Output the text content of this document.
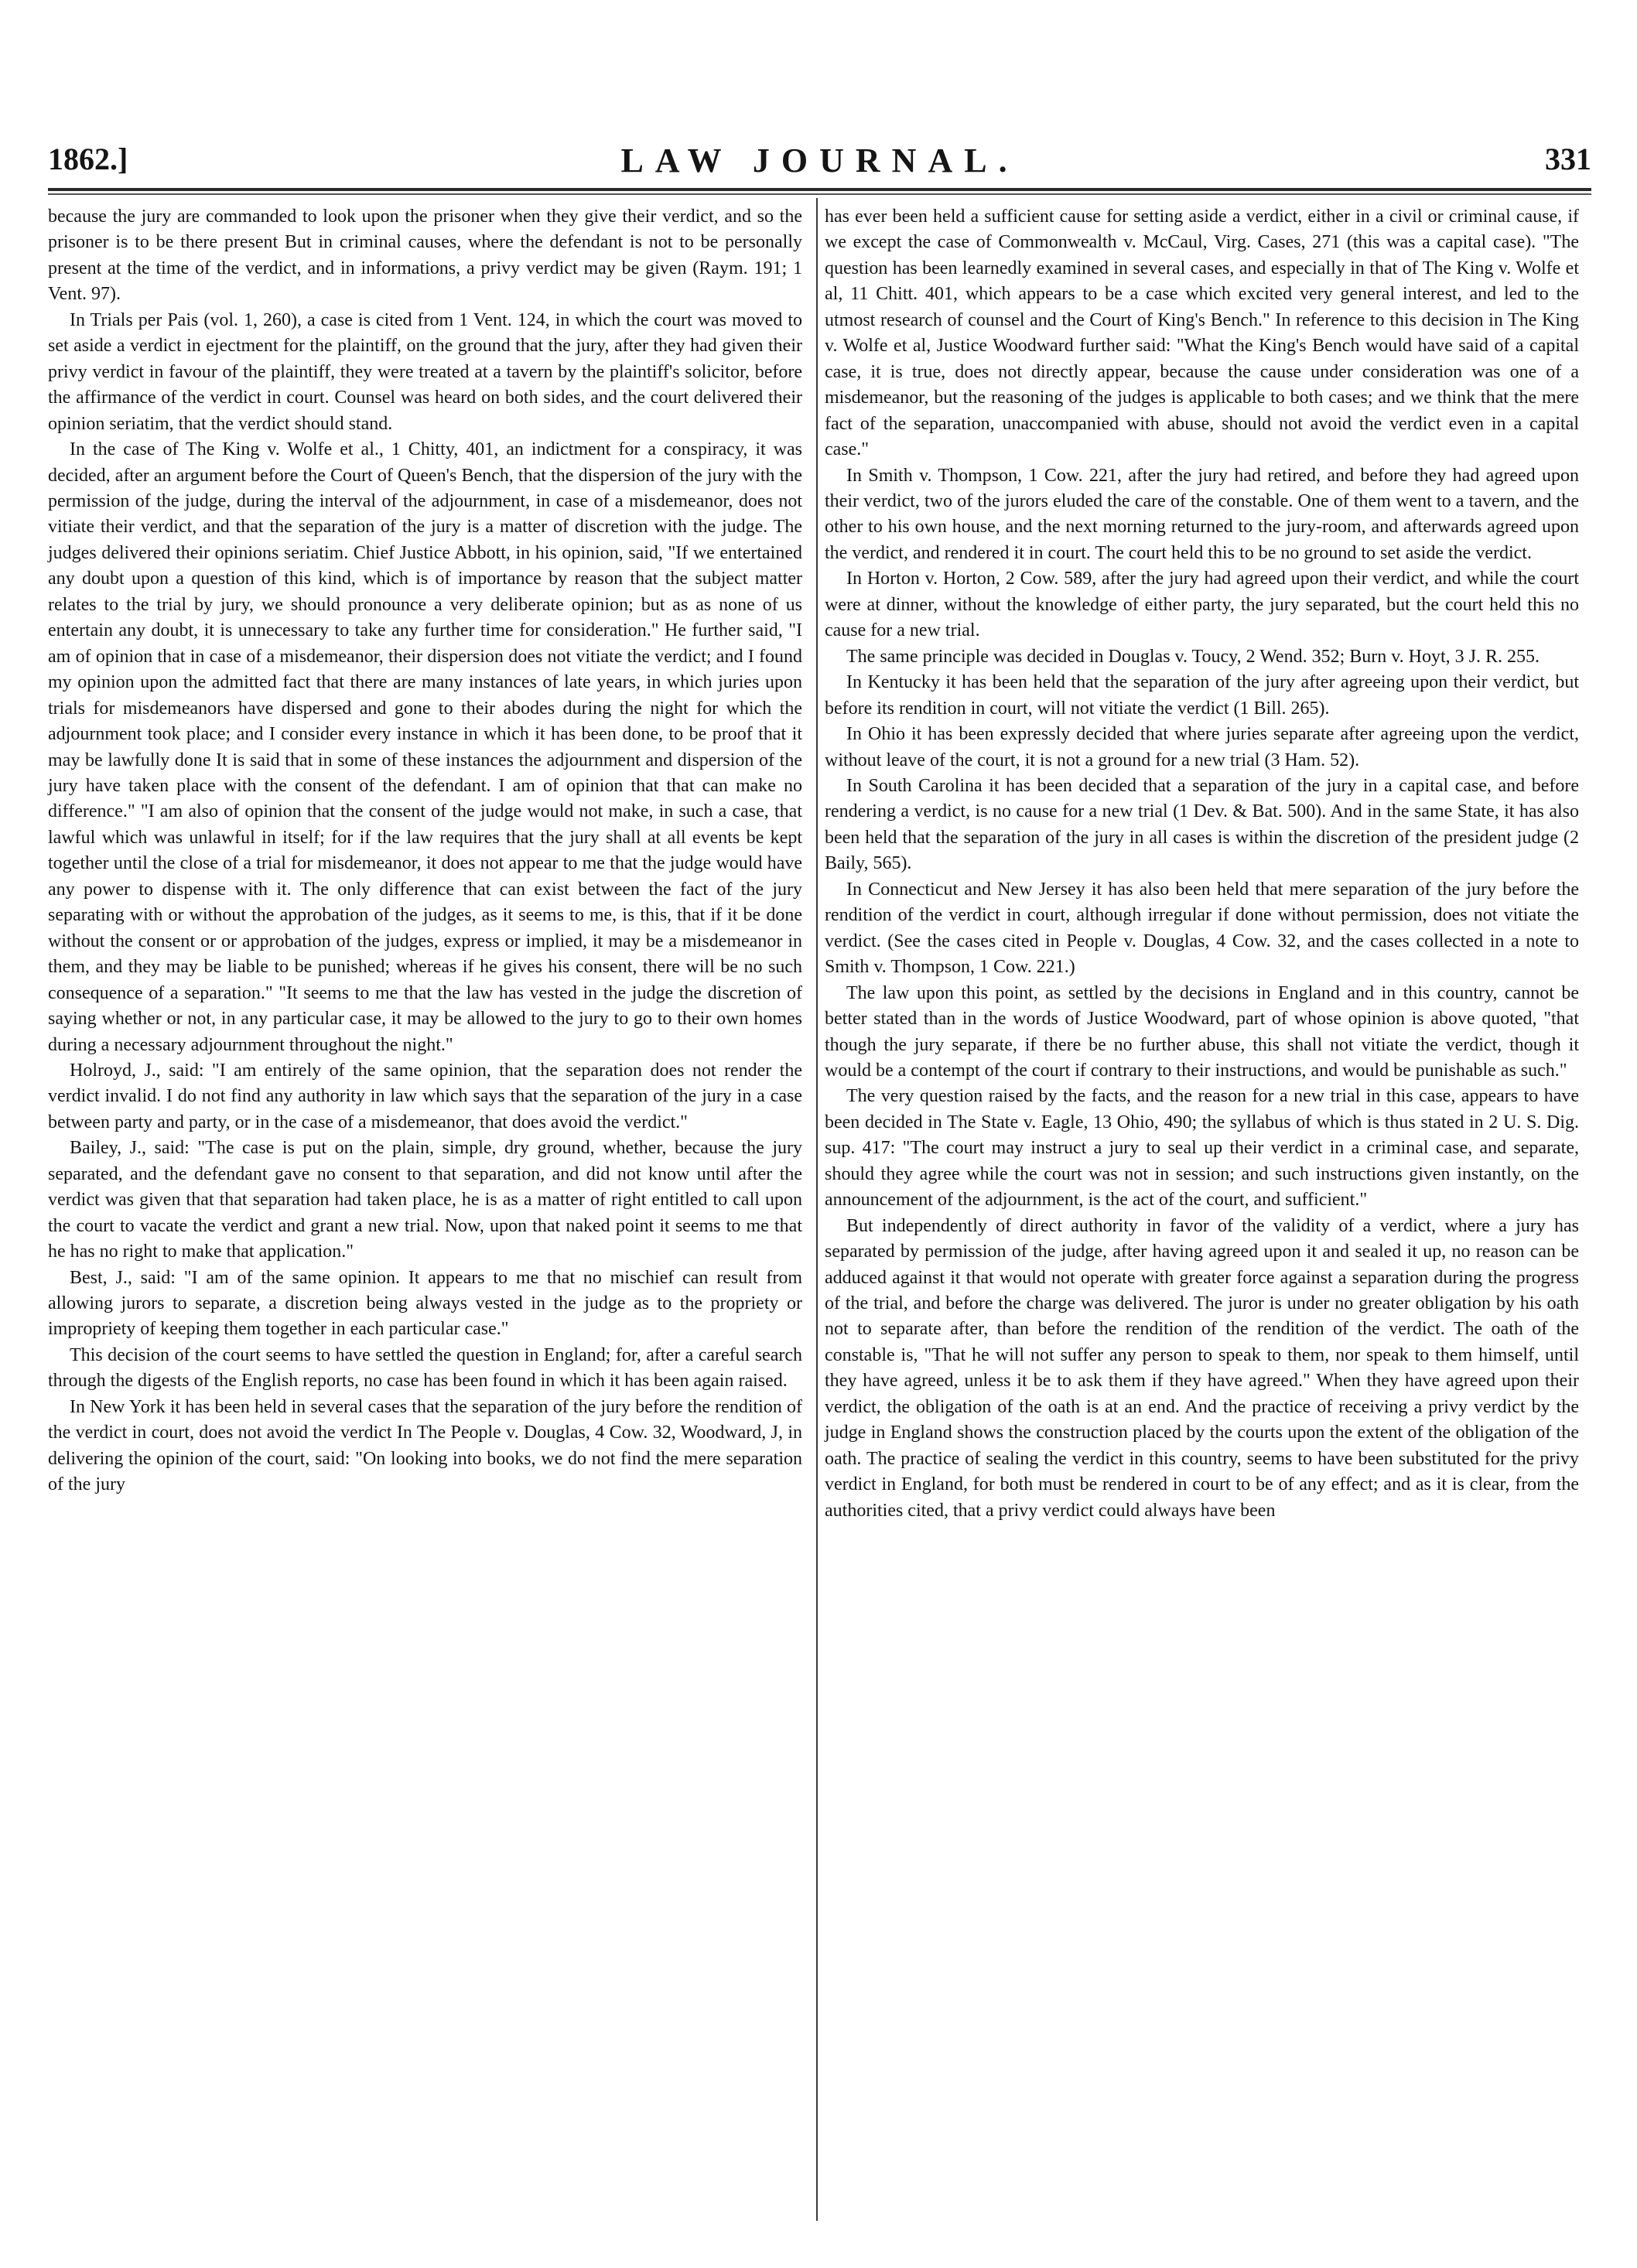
1862.]	LAW JOURNAL.	331

because the jury are commanded to look upon the prisoner when they give their verdict, and so the prisoner is to be there present But in criminal causes, where the defendant is not to be personally present at the time of the verdict, and in informations, a privy verdict may be given (Raym. 191; 1 Vent. 97).

In Trials per Pais (vol. 1, 260), a case is cited from 1 Vent. 124, in which the court was moved to set aside a verdict in ejectment for the plaintiff, on the ground that the jury, after they had given their privy verdict in favour of the plaintiff, they were treated at a tavern by the plaintiff's solicitor, before the affirmance of the verdict in court. Counsel was heard on both sides, and the court delivered their opinion seriatim, that the verdict should stand.

In the case of The King v. Wolfe et al., 1 Chitty, 401, an indictment for a conspiracy, it was decided, after an argument before the Court of Queen's Bench, that the dispersion of the jury with the permission of the judge, during the interval of the adjournment, in case of a misdemeanor, does not vitiate their verdict, and that the separation of the jury is a matter of discretion with the judge. The judges delivered their opinions seriatim. Chief Justice Abbott, in his opinion, said, "If we entertained any doubt upon a question of this kind, which is of importance by reason that the subject matter relates to the trial by jury, we should pronounce a very deliberate opinion; but as as none of us entertain any doubt, it is unnecessary to take any further time for consideration." He further said, "I am of opinion that in case of a misdemeanor, their dispersion does not vitiate the verdict; and I found my opinion upon the admitted fact that there are many instances of late years, in which juries upon trials for misdemeanors have dispersed and gone to their abodes during the night for which the adjournment took place; and I consider every instance in which it has been done, to be proof that it may be lawfully done It is said that in some of these instances the adjournment and dispersion of the jury have taken place with the consent of the defendant. I am of opinion that that can make no difference." "I am also of opinion that the consent of the judge would not make, in such a case, that lawful which was unlawful in itself; for if the law requires that the jury shall at all events be kept together until the close of a trial for misdemeanor, it does not appear to me that the judge would have any power to dispense with it. The only difference that can exist between the fact of the jury separating with or without the approbation of the judges, as it seems to me, is this, that if it be done without the consent or or approbation of the judges, express or implied, it may be a misdemeanor in them, and they may be liable to be punished; whereas if he gives his consent, there will be no such consequence of a separation." "It seems to me that the law has vested in the judge the discretion of saying whether or not, in any particular case, it may be allowed to the jury to go to their own homes during a necessary adjournment throughout the night."

Holroyd, J., said: "I am entirely of the same opinion, that the separation does not render the verdict invalid. I do not find any authority in law which says that the separation of the jury in a case between party and party, or in the case of a misdemeanor, that does avoid the verdict."

Bailey, J., said: "The case is put on the plain, simple, dry ground, whether, because the jury separated, and the defendant gave no consent to that separation, and did not know until after the verdict was given that that separation had taken place, he is as a matter of right entitled to call upon the court to vacate the verdict and grant a new trial. Now, upon that naked point it seems to me that he has no right to make that application."

Best, J., said: "I am of the same opinion. It appears to me that no mischief can result from allowing jurors to separate, a discretion being always vested in the judge as to the propriety or impropriety of keeping them together in each particular case."

This decision of the court seems to have settled the question in England; for, after a careful search through the digests of the English reports, no case has been found in which it has been again raised.

In New York it has been held in several cases that the separation of the jury before the rendition of the verdict in court, does not avoid the verdict In The People v. Douglas, 4 Cow. 32, Woodward, J, in delivering the opinion of the court, said: "On looking into books, we do not find the mere separation of the jury

has ever been held a sufficient cause for setting aside a verdict, either in a civil or criminal cause, if we except the case of Commonwealth v. McCaul, Virg. Cases, 271 (this was a capital case). "The question has been learnedly examined in several cases, and especially in that of The King v. Wolfe et al, 11 Chitt. 401, which appears to be a case which excited very general interest, and led to the utmost research of counsel and the Court of King's Bench." In reference to this decision in The King v. Wolfe et al, Justice Woodward further said: "What the King's Bench would have said of a capital case, it is true, does not directly appear, because the cause under consideration was one of a misdemeanor, but the reasoning of the judges is applicable to both cases; and we think that the mere fact of the separation, unaccompanied with abuse, should not avoid the verdict even in a capital case."

In Smith v. Thompson, 1 Cow. 221, after the jury had retired, and before they had agreed upon their verdict, two of the jurors eluded the care of the constable. One of them went to a tavern, and the other to his own house, and the next morning returned to the jury-room, and afterwards agreed upon the verdict, and rendered it in court. The court held this to be no ground to set aside the verdict.

In Horton v. Horton, 2 Cow. 589, after the jury had agreed upon their verdict, and while the court were at dinner, without the knowledge of either party, the jury separated, but the court held this no cause for a new trial.

The same principle was decided in Douglas v. Toucy, 2 Wend. 352; Burn v. Hoyt, 3 J. R. 255.

In Kentucky it has been held that the separation of the jury after agreeing upon their verdict, but before its rendition in court, will not vitiate the verdict (1 Bill. 265).

In Ohio it has been expressly decided that where juries separate after agreeing upon the verdict, without leave of the court, it is not a ground for a new trial (3 Ham. 52).

In South Carolina it has been decided that a separation of the jury in a capital case, and before rendering a verdict, is no cause for a new trial (1 Dev. & Bat. 500). And in the same State, it has also been held that the separation of the jury in all cases is within the discretion of the president judge (2 Baily, 565).

In Connecticut and New Jersey it has also been held that mere separation of the jury before the rendition of the verdict in court, although irregular if done without permission, does not vitiate the verdict. (See the cases cited in People v. Douglas, 4 Cow. 32, and the cases collected in a note to Smith v. Thompson, 1 Cow. 221.)

The law upon this point, as settled by the decisions in England and in this country, cannot be better stated than in the words of Justice Woodward, part of whose opinion is above quoted, "that though the jury separate, if there be no further abuse, this shall not vitiate the verdict, though it would be a contempt of the court if contrary to their instructions, and would be punishable as such."

The very question raised by the facts, and the reason for a new trial in this case, appears to have been decided in The State v. Eagle, 13 Ohio, 490; the syllabus of which is thus stated in 2 U. S. Dig. sup. 417: "The court may instruct a jury to seal up their verdict in a criminal case, and separate, should they agree while the court was not in session; and such instructions given instantly, on the announcement of the adjournment, is the act of the court, and sufficient."

But independently of direct authority in favor of the validity of a verdict, where a jury has separated by permission of the judge, after having agreed upon it and sealed it up, no reason can be adduced against it that would not operate with greater force against a separation during the progress of the trial, and before the charge was delivered. The juror is under no greater obligation by his oath not to separate after, than before the rendition of the rendition of the verdict. The oath of the constable is, "That he will not suffer any person to speak to them, nor speak to them himself, until they have agreed, unless it be to ask them if they have agreed." When they have agreed upon their verdict, the obligation of the oath is at an end. And the practice of receiving a privy verdict by the judge in England shows the construction placed by the courts upon the extent of the obligation of the oath. The practice of sealing the verdict in this country, seems to have been substituted for the privy verdict in England, for both must be rendered in court to be of any effect; and as it is clear, from the authorities cited, that a privy verdict could always have been
